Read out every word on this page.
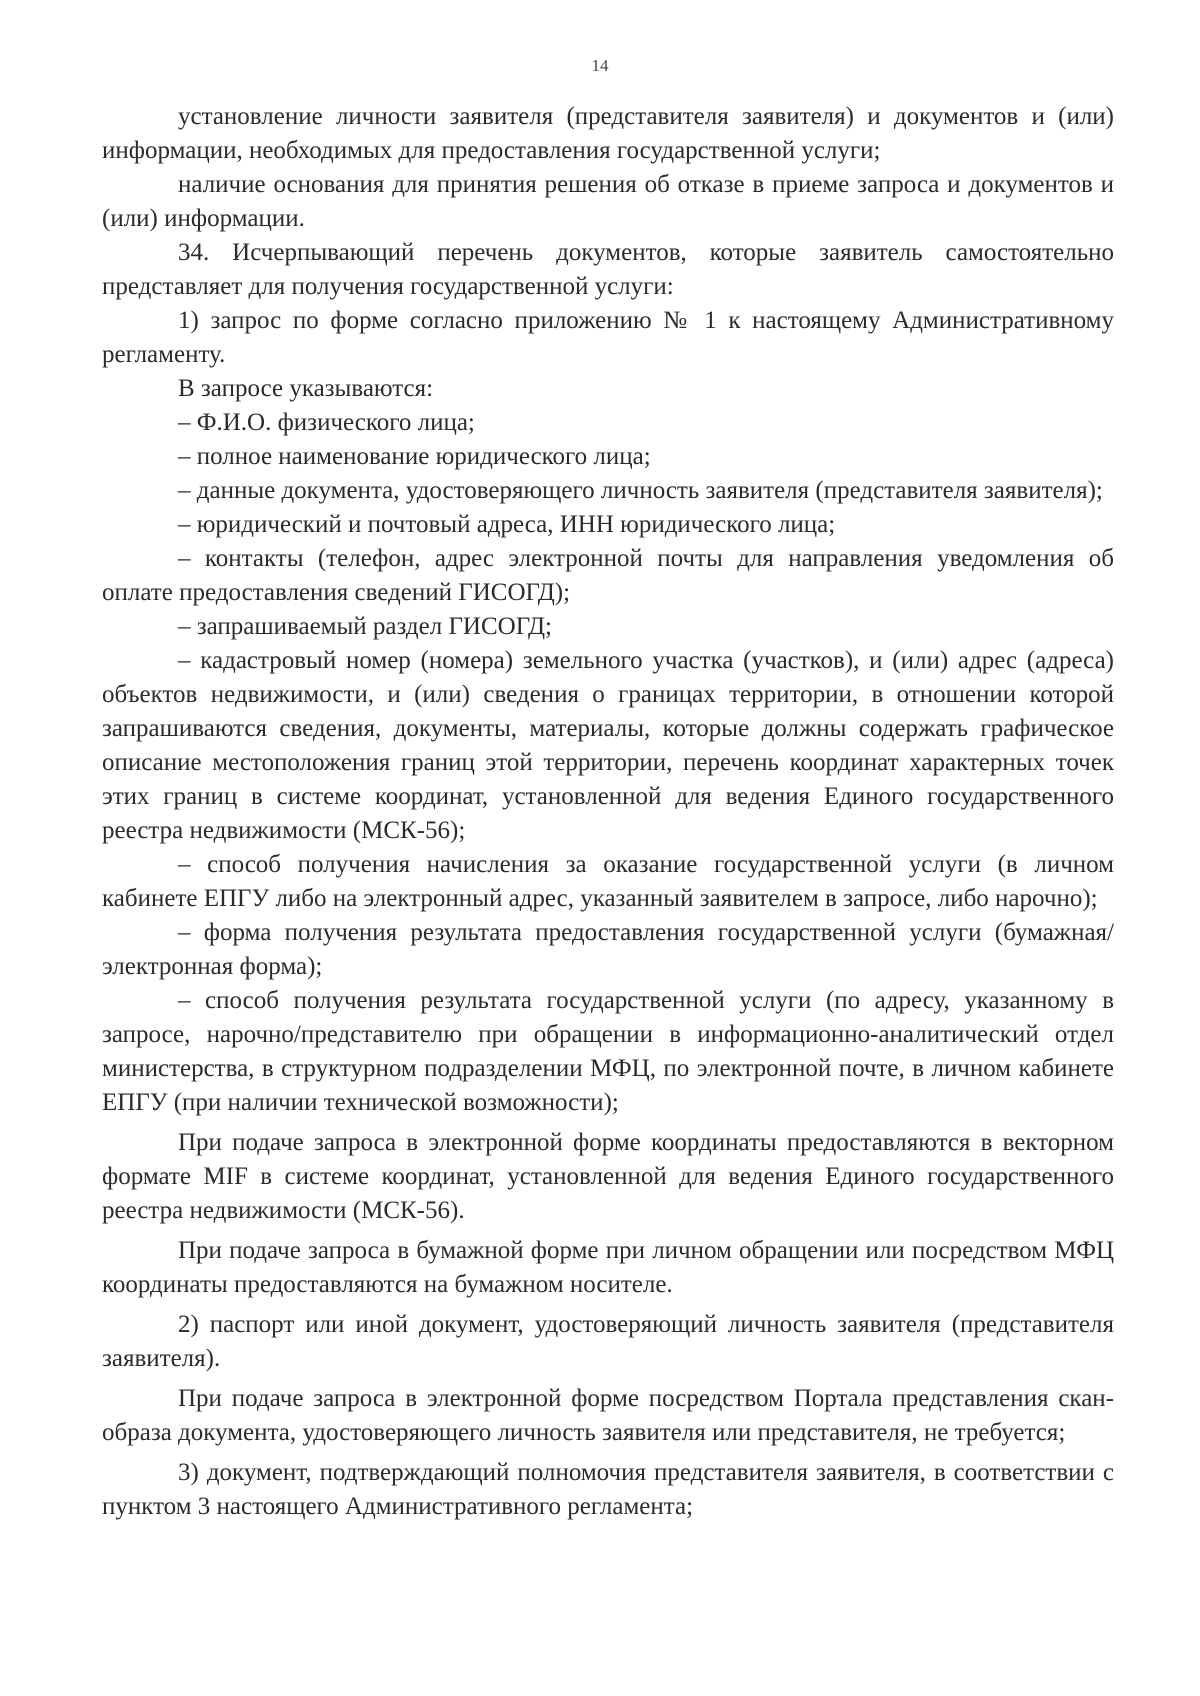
14

установление личности заявителя (представителя заявителя) и документов и (или) информации, необходимых для предоставления государственной услуги;

наличие основания для принятия решения об отказе в приеме запроса и документов и (или) информации.

34. Исчерпывающий перечень документов, которые заявитель самостоятельно представляет для получения государственной услуги:

1) запрос по форме согласно приложению № 1 к настоящему Административному регламенту.

В запросе указываются:

– Ф.И.О. физического лица;

– полное наименование юридического лица;

– данные документа, удостоверяющего личность заявителя (представителя заявителя);

– юридический и почтовый адреса, ИНН юридического лица;

– контакты (телефон, адрес электронной почты для направления уведомления об оплате предоставления сведений ГИСОГД);

– запрашиваемый раздел ГИСОГД;

– кадастровый номер (номера) земельного участка (участков), и (или) адрес (адреса) объектов недвижимости, и (или) сведения о границах территории, в отношении которой запрашиваются сведения, документы, материалы, которые должны содержать графическое описание местоположения границ этой территории, перечень координат характерных точек этих границ в системе координат, установленной для ведения Единого государственного реестра недвижимости (МСК-56);

– способ получения начисления за оказание государственной услуги (в личном кабинете ЕПГУ либо на электронный адрес, указанный заявителем в запросе, либо нарочно);

– форма получения результата предоставления государственной услуги (бумажная/электронная форма);

– способ получения результата государственной услуги (по адресу, указанному в запросе, нарочно/представителю при обращении в информационно-аналитический отдел министерства, в структурном подразделении МФЦ, по электронной почте, в личном кабинете ЕПГУ (при наличии технической возможности);

При подаче запроса в электронной форме координаты предоставляются в векторном формате MIF в системе координат, установленной для ведения Единого государственного реестра недвижимости (МСК-56).

При подаче запроса в бумажной форме при личном обращении или посредством МФЦ координаты предоставляются на бумажном носителе.

2) паспорт или иной документ, удостоверяющий личность заявителя (представителя заявителя).

При подаче запроса в электронной форме посредством Портала представления скан-образа документа, удостоверяющего личность заявителя или представителя, не требуется;

3) документ, подтверждающий полномочия представителя заявителя, в соответствии с пунктом 3 настоящего Административного регламента;
